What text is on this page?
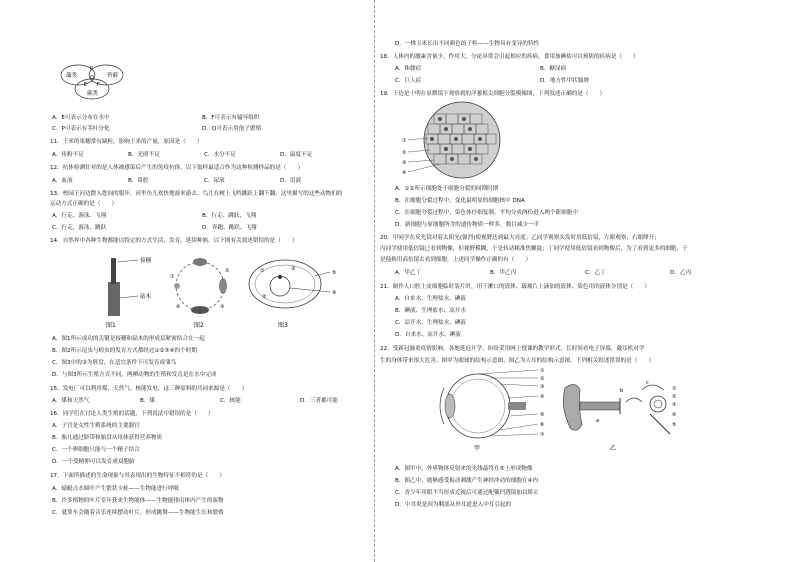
藻类	苔藓
蕨类
P
Q
E F
A．E可表示分布在水中	B．F可表示有输导组织
C．P可表示有茎叶分化	D．Q可表示用孢子繁殖
11．王米的果穗常有缺粒，影响王米的产量，原因是（　　）
A．传粉不足	B．光照不足	C．水分不足	D．温度不足
12．抗体检测针对的是人体被感染后产生的免疫抗体，以下取样最适合作为这种检测样品的是（　　）
A．血液	B．鼻腔	C．尿液	D．泪液
13．校园王河边散入您间的服步、河里鱼儿欢快地游来游去、鸟儿在树上飞鸣跳跃上翻下翻，这里描写的这些动物们的
运动方式正确的是（　　）
A．行走、游泳、飞翔	B．行走、跳跃、飞翔
C．行走、游泳、跳跃	D．奔跑、跳跃、飞翔
14．自然界中各种生物都能以特定的方式生活、发育，延续种族。以下图有关叙述错误的是（　　）
接穗
砧木
图1
①
②
③
④
图2
①
②
③
④
⑤
图3
A．图1所示成功的关键是接穗和砧木的形成层紧密结合在一起
B．图2所示昆虫与蝗虫的发育方式都经过①②③④四个时期
C．图3中的③为胚盘，在适宜条件下可发育成雏鸟
D．与图3所示生殖方式不同，两栖动物的生殖和发育是在水中完成
15．发电厂可以利用煤、天然气、核能发电，这三种原料的共同来源是（　　）
A．煤和天然气	B．煤	C．核能	D．三者都可能
16．同学们在讨论人类生殖的话题，下列说法中错误的是（　　）
A．子宫是女性生殖系统的主要器官
B．胎儿通过脐带和胎盘从母体获得营养物质
C．一个卵细胞只能与一个精子结合
D．一个受精卵可以发育成双胞胎
17．下面所描述的生命现象与其表现出的生物特征不相符的是（　　）
A．蜻蜓点水圆叶产生繁状卡蛙——生物能进行呼吸
B．许多植物的叶片室年获来生物能体——生物能排出体内产生的废物
C．就算车会随着音乐连续摆动叶片，形成跳舞——生物能生长和繁殖
D．一株玉米长出不同颜色的子粒——生物具有变异的特性
18．人体内的激素含量少，作用大，分泌异常会引起相应的疾病，食用加碘盐可以预防的疾病是（　　）
A．侏儒症	B．糖尿病
C．巨人症	D．地方性甲状腺肿
19．下边是十明在显微镜下观察到的洋葱根尖细胞分裂模像图，下列叙述正确的是（　　）
①
②
③
④
A．①②所示细胞处于细胞分裂的间期时期
B．在细胞分裂过程中，变化最明显的细胞核中 DNA
C．在细胞分裂过程中，染色体仔细复制，平均分成两份进入两个新细胞中
D．新细胞与原细胞所含的遗传物质一样多，数目减少一半
20．甲同学在反光镜对着太阳光(强烈)使视野达到最大亮度；乙同学观察头发时用低倍镜，左眼观察，右眼睁开；
丙同学使用低倍镜已看到物像，但视野模糊，于是转动粗准焦螺旋；丁同学使用低倍镜看到物像后，为了看到更多的细胞，于
是他换用高倍镜去看到细胞。上述同学操作正确的有（　　）
A．甲乙丁	B．甲乙丙	C．乙丁	D．乙丙
21．制作人口腔上皮细胞临时装片时，用于漱口的液体、载玻片上滴加的液体、染色用的液体分别是（　　）
A．自来水、生理盐水、碘液
B．碘液、生理盐水、凉开水
C．凉开水、生理盐水、碘液
D．自来水、凉开水、碘液
22．受新冠肺炎疫情影响，各地延迟开学，纷纷采用网上授课的教学形式，长时间看电子屏幕，戴耳机对学
生的身体带来很大危害。图甲为眼球的结构示意图，图乙为人耳的结构示意图，下列相关叙述错误的是（　　）
①
②
③
④
⑤
⑥
⑦
甲
a
b
c
①
②
③
④
⑤
乙
A．图甲中，外界物体反射来的光线最终在⑤上形成物像
B．图乙中，能够感受振动刺激产生神经冲动的细胞在④内
C．青少年用眼不当形成近视后可通过配戴凹透镜加以矫正
D．中耳炎是因为咽部从外耳道进入中耳引起的
